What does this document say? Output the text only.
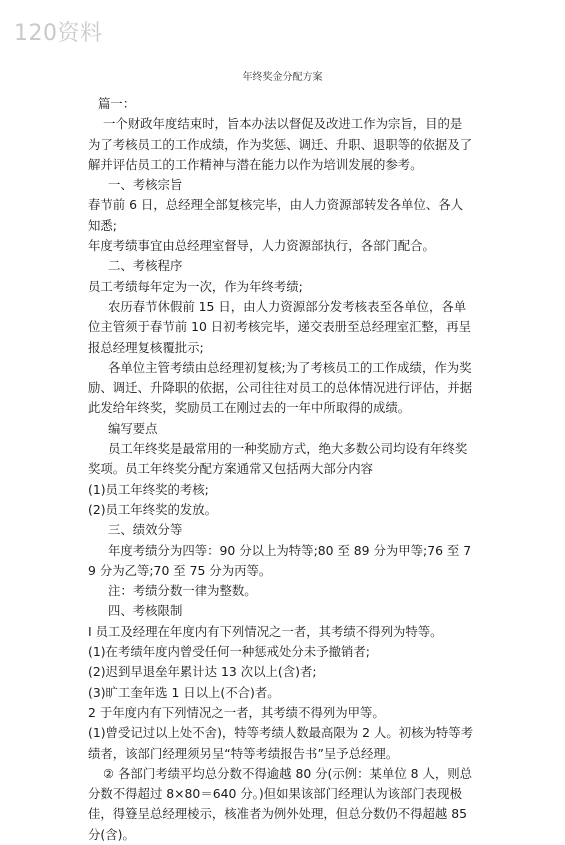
120资料
年终奖金分配方案

篇一：

一个财政年度结束时，旨本办法以督促及改进工作为宗旨，目的是为了考核员工的工作成绩，作为奖惩、调迁、升职、退职等的依据及了解并评估员工的工作精神与潜在能力以作为培训发展的参考。

一、考核宗旨

春节前 6 日，总经理全部复核完毕，由人力资源部转发各单位、各人知悉;

年度考绩事宜由总经理室督导，人力资源部执行，各部门配合。

二、考核程序

员工考绩每年定为一次，作为年终考绩;

农历春节休假前 15 日，由人力资源部分发考核表至各单位，各单位主管须于春节前 10 日初考核完毕，递交表册至总经理室汇整，再呈报总经理复核覆批示;

各单位主管考绩由总经理初复核;为了考核员工的工作成绩，作为奖励、调迁、升降职的依据，公司往往对员工的总体情况进行评估，并据此发给年终奖，奖励员工在刚过去的一年中所取得的成绩。

编写要点

员工年终奖是最常用的一种奖励方式，绝大多数公司均设有年终奖奖项。员工年终奖分配方案通常又包括两大部分内容

(1)员工年终奖的考核;

(2)员工年终奖的发放。

三、绩效分等

年度考绩分为四等：90 分以上为特等;80 至 89 分为甲等;76 至 79 分为乙等;70 至 75 分为丙等。

注：考绩分数一律为整数。

四、考核限制

I 员工及经理在年度内有下列情况之一者，其考绩不得列为特等。

(1)在考绩年度内曾受任何一种惩戒处分未予撤销者;

(2)迟到早退垒年累计达 13 次以上(含)者;

(3)旷工奎年选 1 日以上(不合)者。

2 于年度内有下列情况之一者，其考绩不得列为甲等。

(1)曾受记过以上处不舍)，特等考绩人数最高限为 2 人。初核为特等考绩者，该部门经理须另呈“特等考绩报告书”呈予总经理。

② 各部门考绩平均总分数不得逾越 80 分(示例：某单位 8 人，则总分数不得超过 8×80＝640 分。)但如果该部门经理认为该部门表现极佳，得簦呈总经理棱示，核准者为例外处理，但总分数仍不得超越 85 分(含)。
